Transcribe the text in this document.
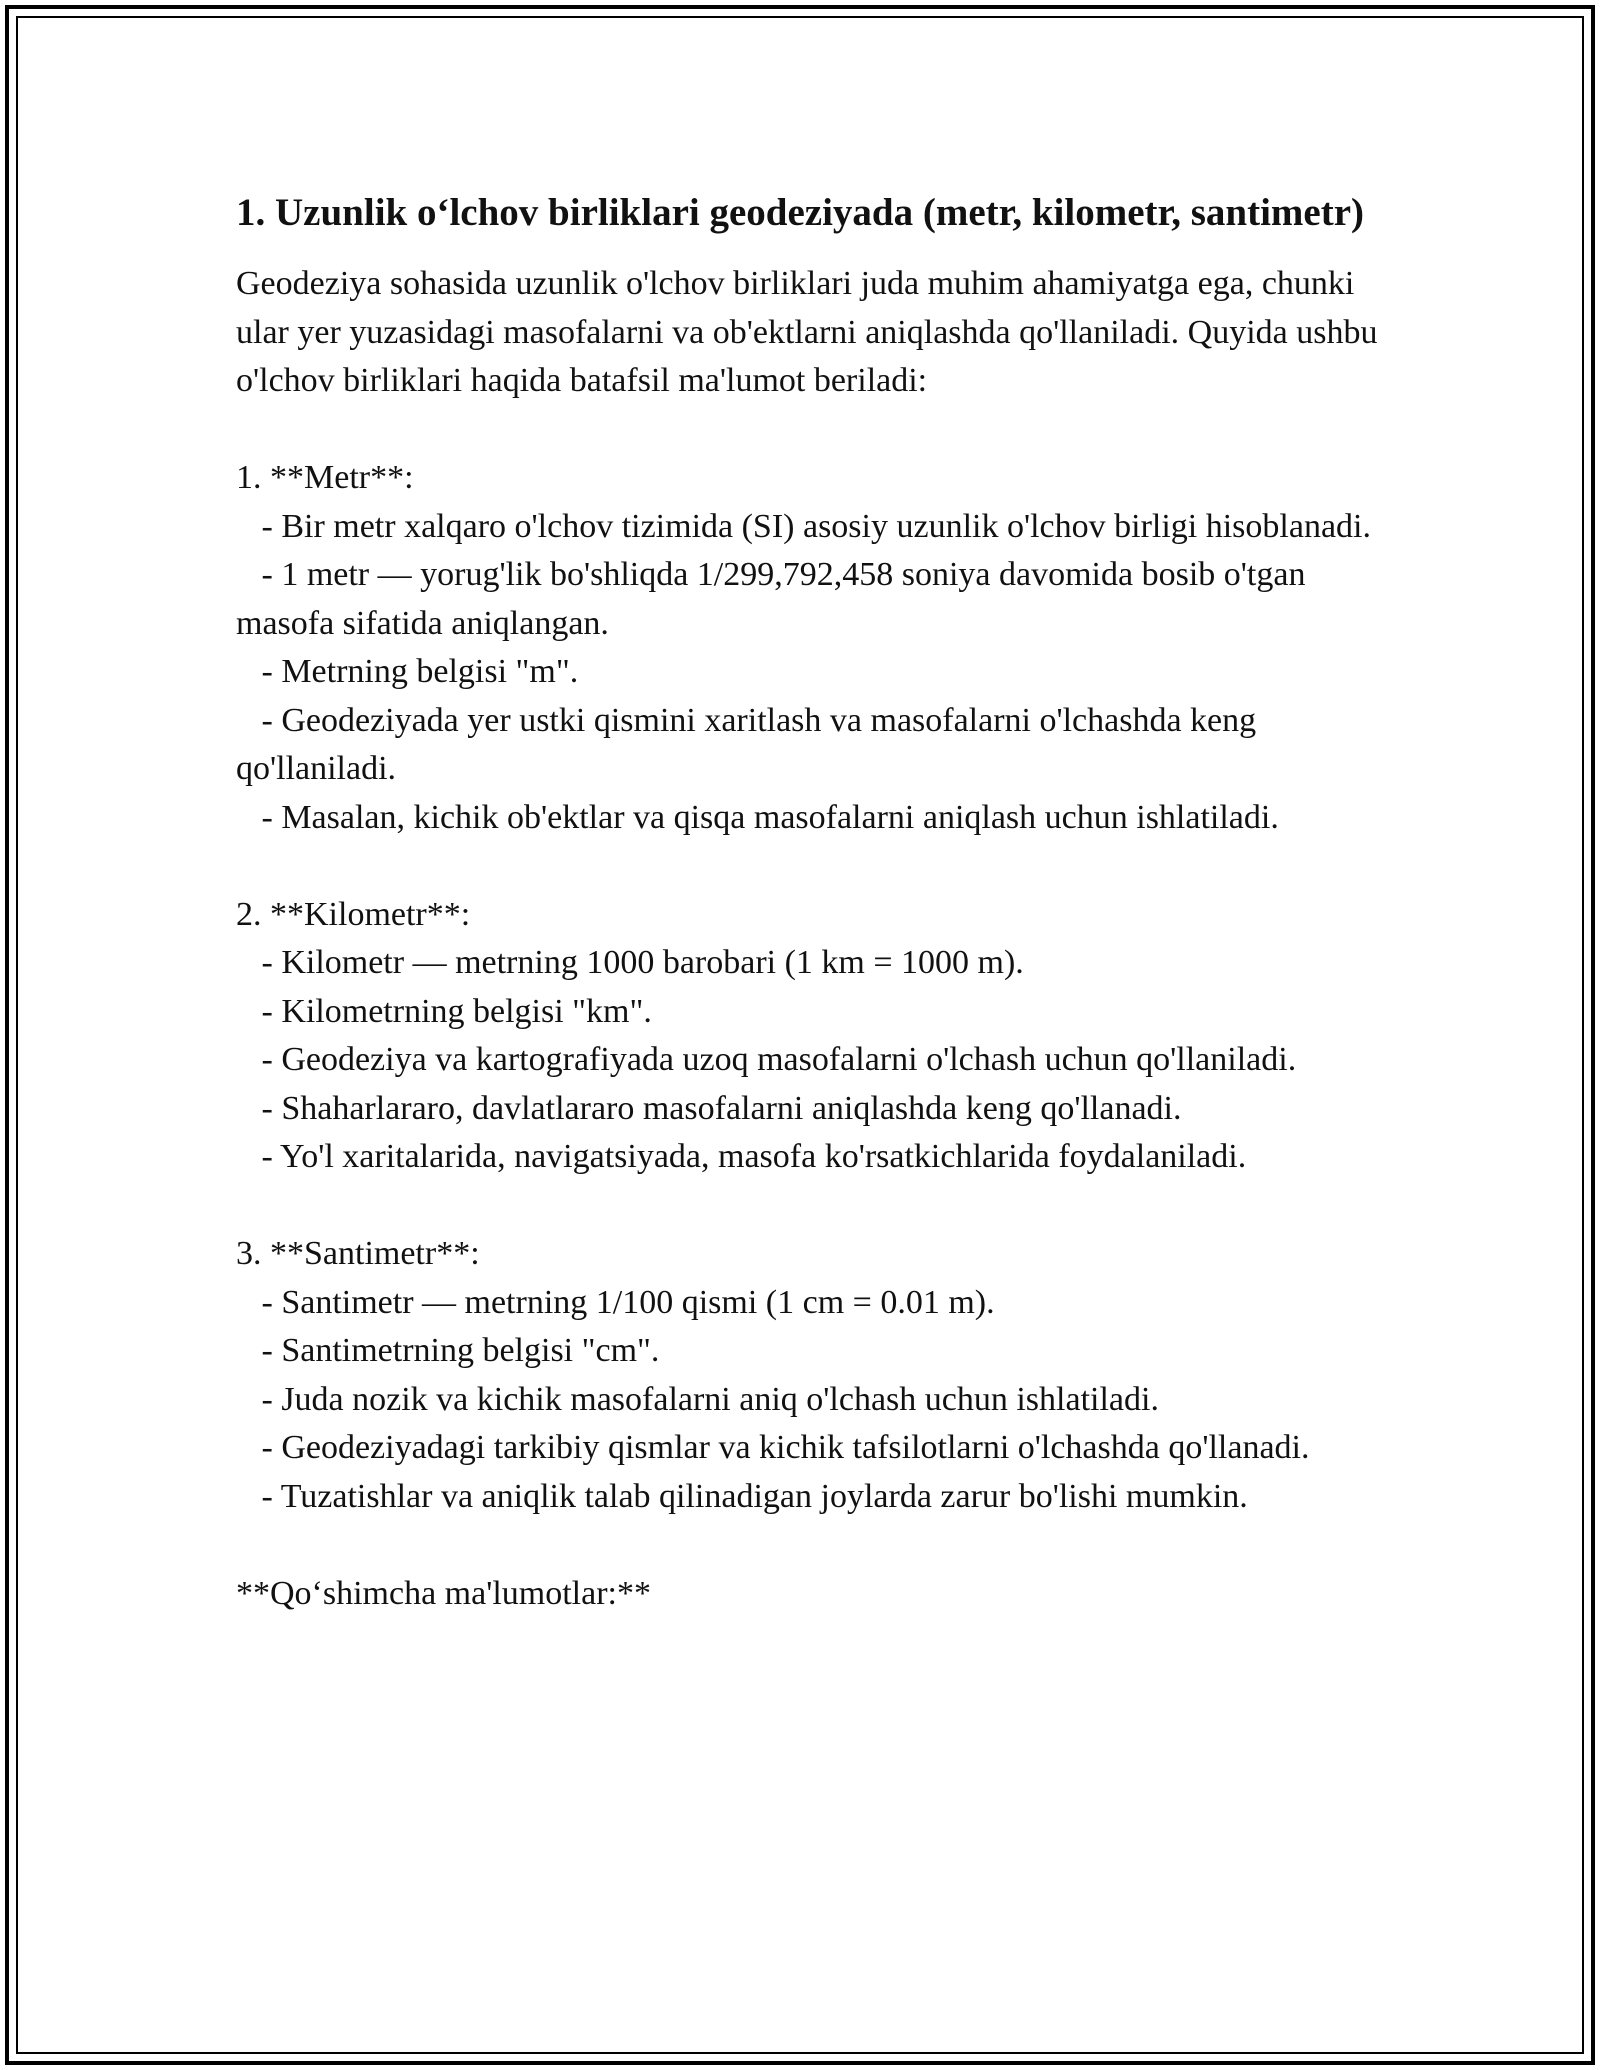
1. Uzunlik o‘lchov birliklari geodeziyada (metr, kilometr, santimetr)
Geodeziya sohasida uzunlik o'lchov birliklari juda muhim ahamiyatga ega, chunki ular yer yuzasidagi masofalarni va ob'ektlarni aniqlashda qo'llaniladi. Quyida ushbu o'lchov birliklari haqida batafsil ma'lumot beriladi:

1. **Metr**:
- Bir metr xalqaro o'lchov tizimida (SI) asosiy uzunlik o'lchov birligi hisoblanadi.
- 1 metr — yorug'lik bo'shliqda 1/299,792,458 soniya davomida bosib o'tgan masofa sifatida aniqlangan.
- Metrning belgisi "m".
- Geodeziyada yer ustki qismini xaritlash va masofalarni o'lchashda keng qo'llaniladi.
- Masalan, kichik ob'ektlar va qisqa masofalarni aniqlash uchun ishlatiladi.

2. **Kilometr**:
- Kilometr — metrning 1000 barobari (1 km = 1000 m).
- Kilometrning belgisi "km".
- Geodeziya va kartografiyada uzoq masofalarni o'lchash uchun qo'llaniladi.
- Shaharlararo, davlatlararo masofalarni aniqlashda keng qo'llanadi.
- Yo'l xaritalarida, navigatsiyada, masofa ko'rsatkichlarida foydalaniladi.

3. **Santimetr**:
- Santimetr — metrning 1/100 qismi (1 cm = 0.01 m).
- Santimetrning belgisi "cm".
- Juda nozik va kichik masofalarni aniq o'lchash uchun ishlatiladi.
- Geodeziyadagi tarkibiy qismlar va kichik tafsilotlarni o'lchashda qo'llanadi.
- Tuzatishlar va aniqlik talab qilinadigan joylarda zarur bo'lishi mumkin.

**Qo‘shimcha ma'lumotlar:**
